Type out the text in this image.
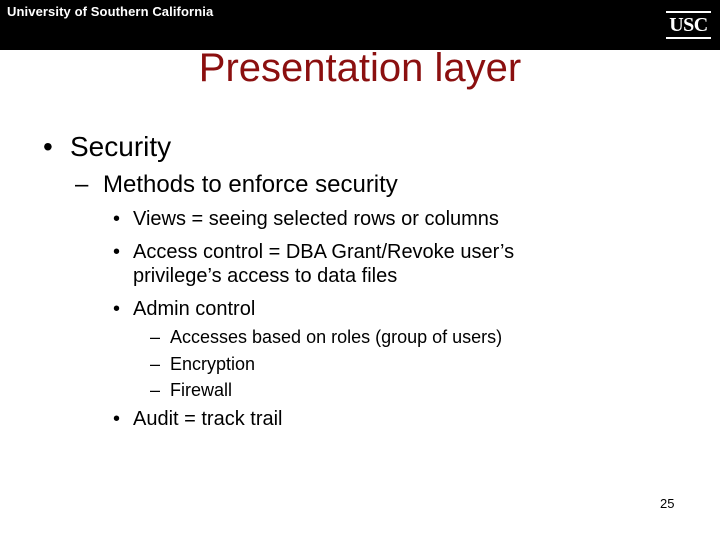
University of Southern California
USC
Presentation layer
• Security
– Methods to enforce security
• Views = seeing selected rows or columns
• Access control = DBA Grant/Revoke user’s
privilege’s access to data files
• Admin control
– Accesses based on roles (group of users)
– Encryption
– Firewall
• Audit = track trail
25
